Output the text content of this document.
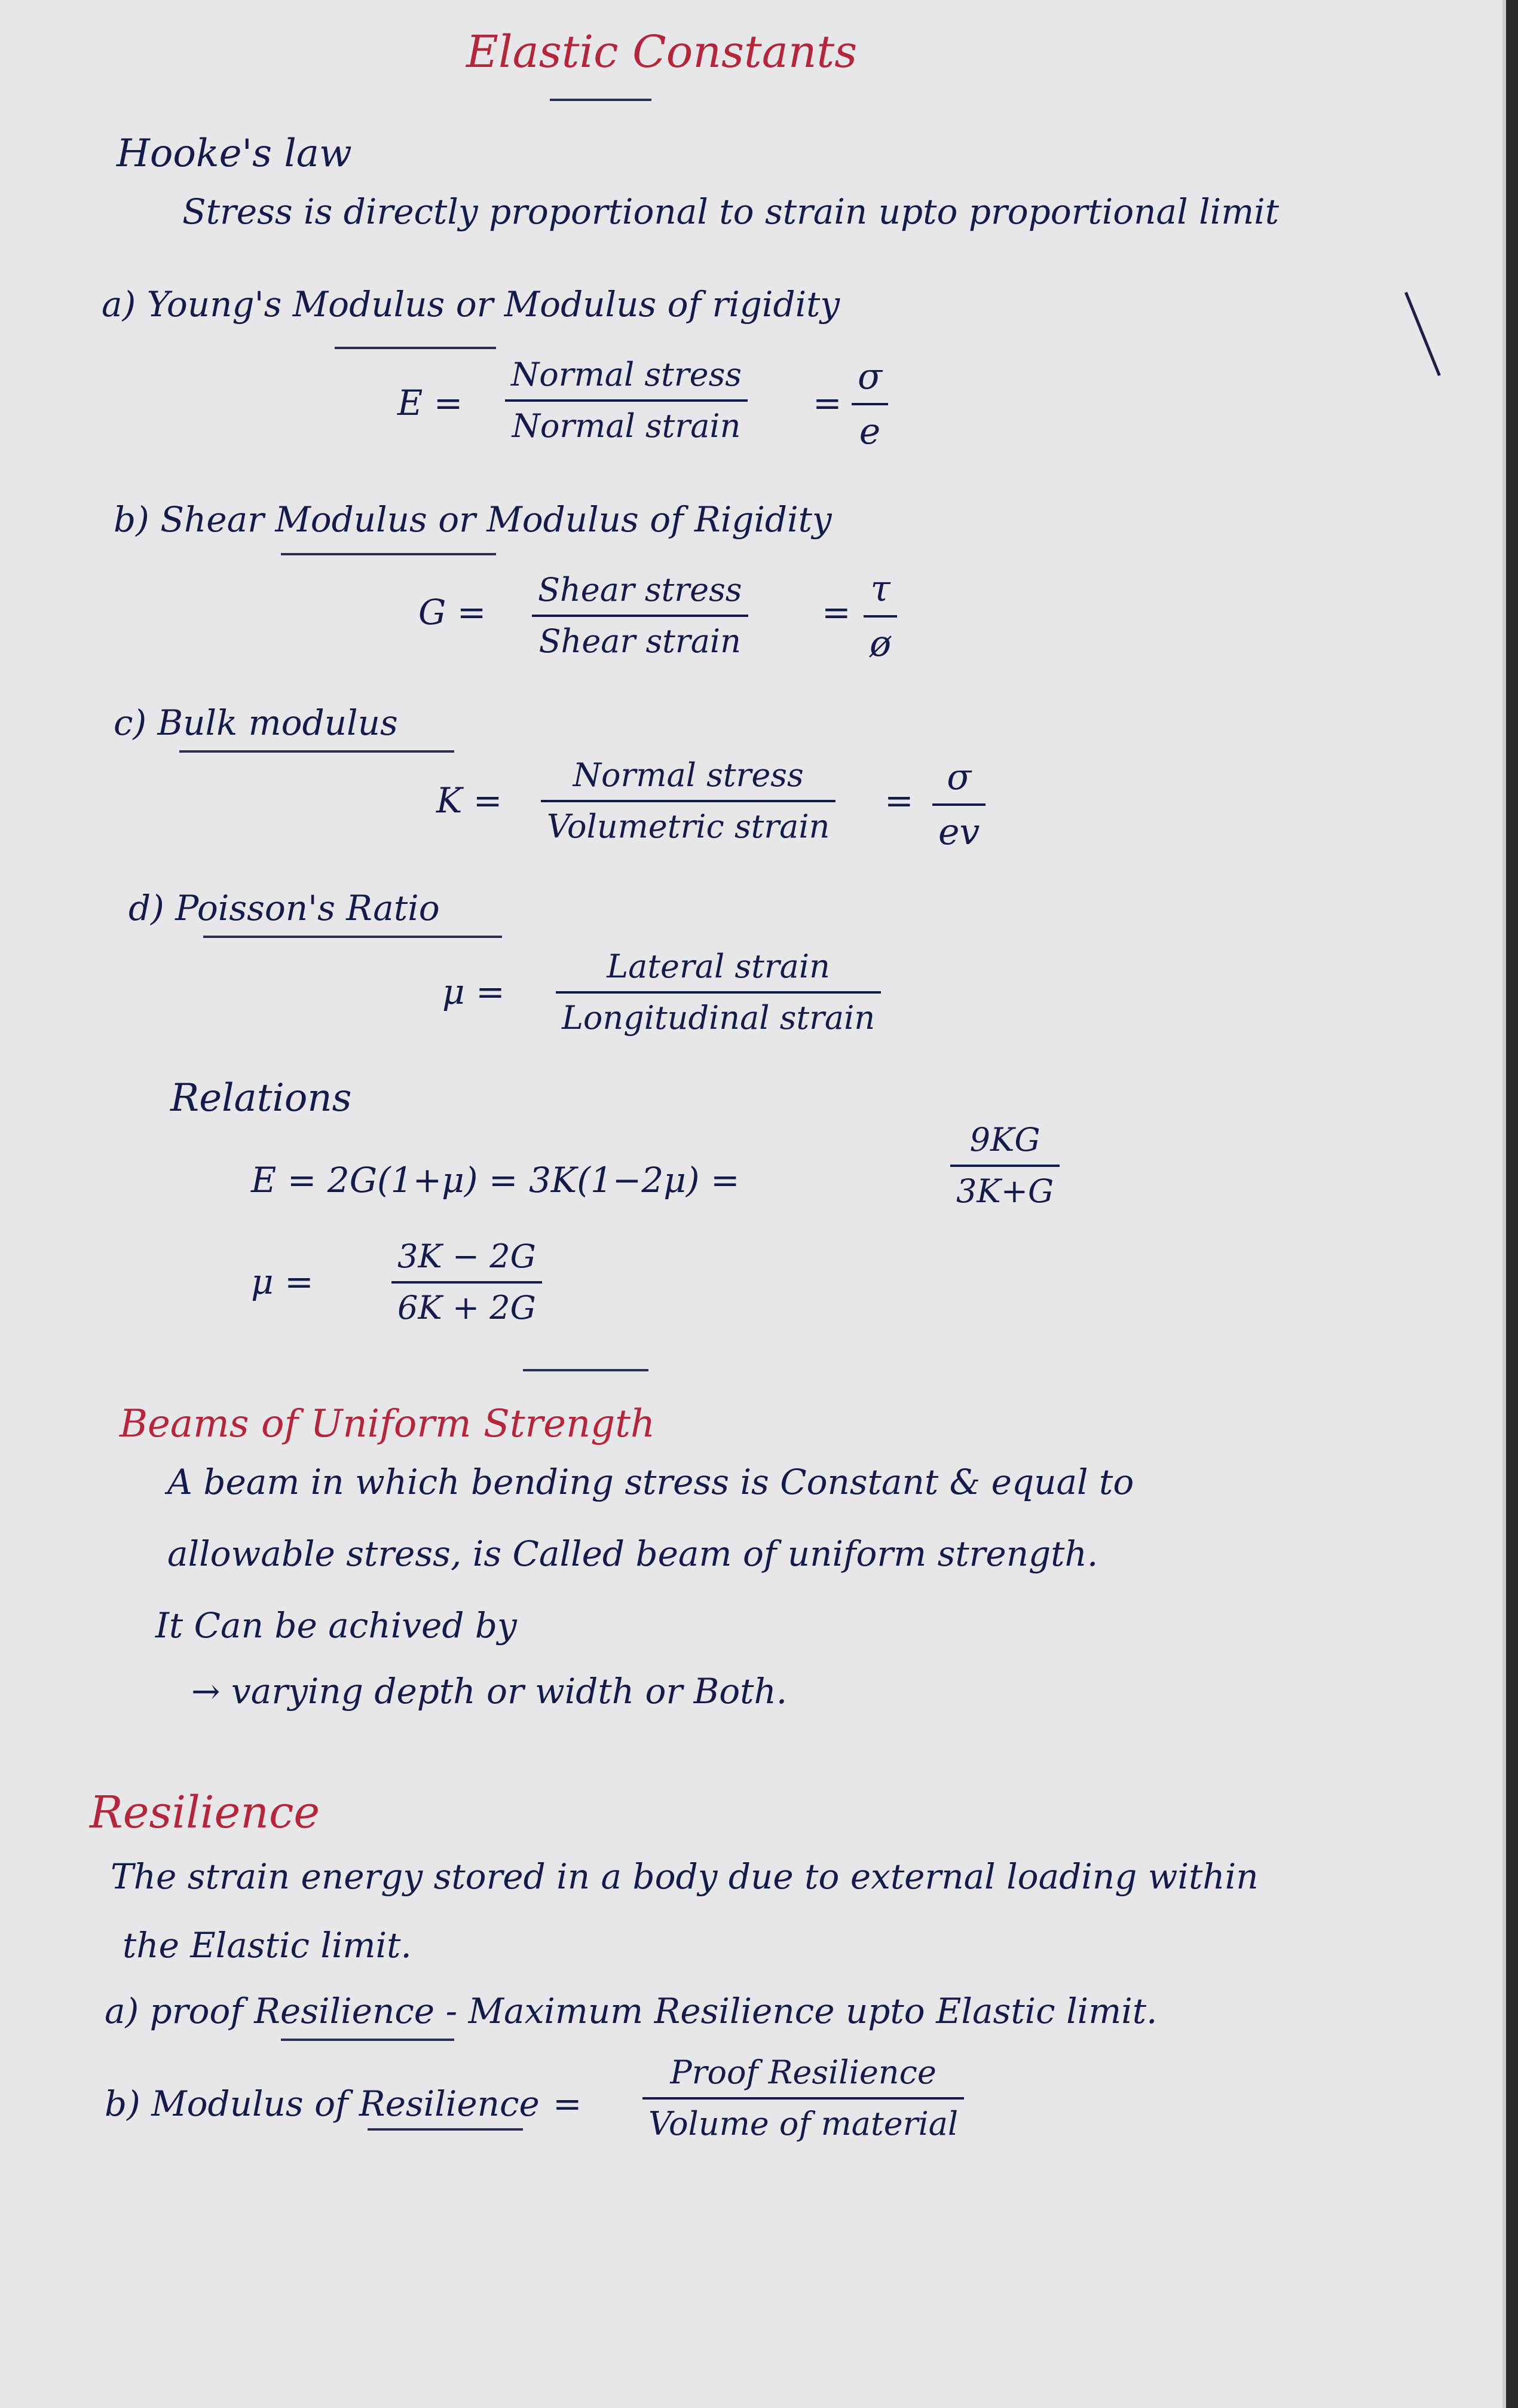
Elastic Constants
Hooke's law
Stress is directly proportional to strain upto proportional limit
a) Young's Modulus or Modulus of rigidity
E =
Normal stress
Normal strain
=
σ
e
b) Shear Modulus or Modulus of Rigidity
G =
Shear stress
Shear strain
=
τ
ø
c) Bulk modulus
K =
Normal stress
Volumetric strain
=
σ
ev
d) Poisson's Ratio
μ =
Lateral strain
Longitudinal strain
Relations
E = 2G(1+μ) = 3K(1−2μ) =
9KG
3K+G
μ =
3K − 2G
6K + 2G
Beams of Uniform Strength
A beam in which bending stress is Constant & equal to
allowable stress, is Called beam of uniform strength.
It Can be achived by
→ varying depth or width or Both.
Resilience
The strain energy stored in a body due to external loading within
the Elastic limit.
a) proof Resilience - Maximum Resilience upto Elastic limit.
b) Modulus of Resilience =
Proof Resilience
Volume of material
